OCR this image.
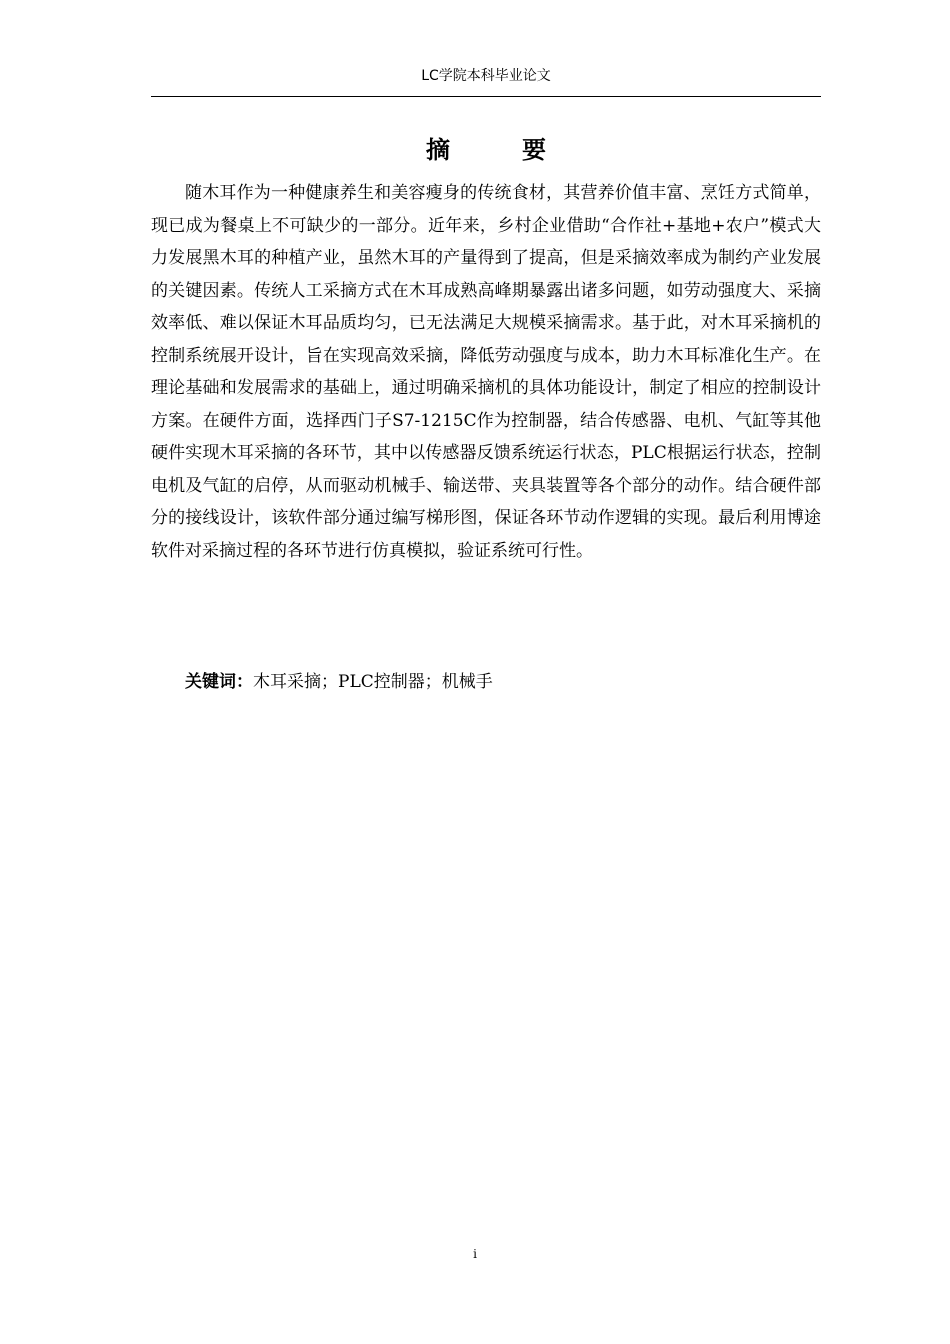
LC学院本科毕业论文
摘　要

随木耳作为一种健康养生和美容瘦身的传统食材，其营养价值丰富、烹饪方式简单，现已成为餐桌上不可缺少的一部分。近年来，乡村企业借助“合作社+基地+农户”模式大力发展黑木耳的种植产业，虽然木耳的产量得到了提高，但是采摘效率成为制约产业发展的关键因素。传统人工采摘方式在木耳成熟高峰期暴露出诸多问题，如劳动强度大、采摘效率低、难以保证木耳品质均匀，已无法满足大规模采摘需求。基于此，对木耳采摘机的控制系统展开设计，旨在实现高效采摘，降低劳动强度与成本，助力木耳标准化生产。在理论基础和发展需求的基础上，通过明确采摘机的具体功能设计，制定了相应的控制设计方案。在硬件方面，选择西门子S7-1215C作为控制器，结合传感器、电机、气缸等其他硬件实现木耳采摘的各环节，其中以传感器反馈系统运行状态，PLC根据运行状态，控制电机及气缸的启停，从而驱动机械手、输送带、夹具装置等各个部分的动作。结合硬件部分的接线设计，该软件部分通过编写梯形图，保证各环节动作逻辑的实现。最后利用博途软件对采摘过程的各环节进行仿真模拟，验证系统可行性。

关键词：木耳采摘；PLC控制器；机械手

i
